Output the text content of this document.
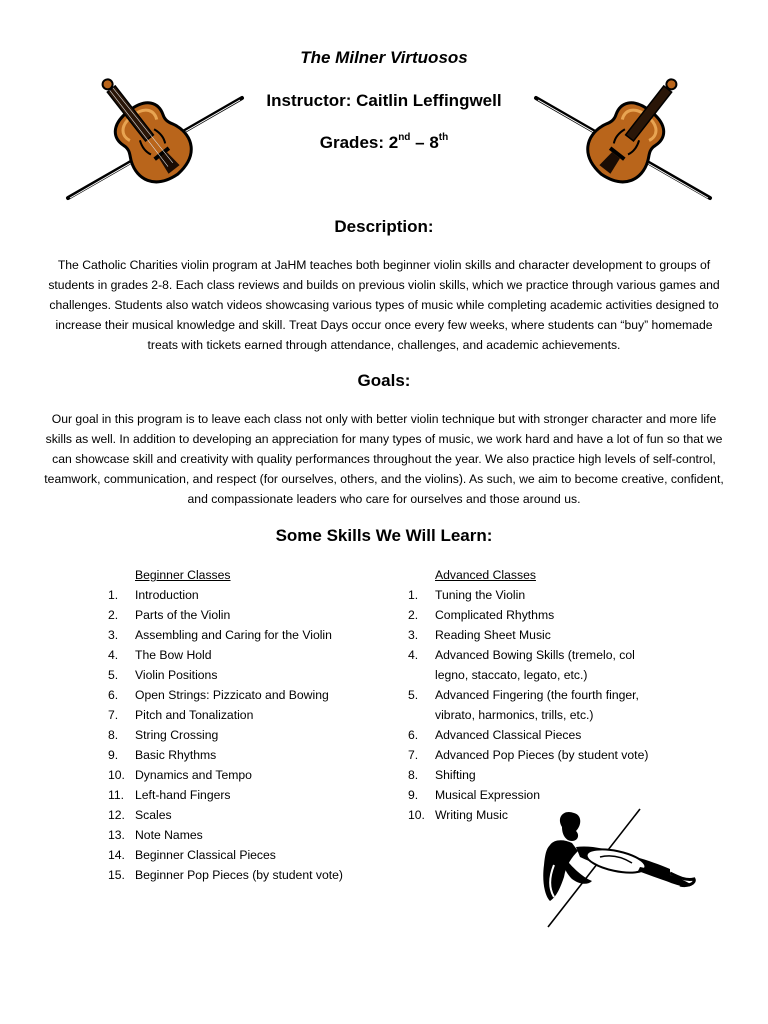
The Milner Virtuosos
Instructor: Caitlin Leffingwell
Grades: 2nd – 8th
Description:
The Catholic Charities violin program at JaHM teaches both beginner violin skills and character development to groups of students in grades 2-8. Each class reviews and builds on previous violin skills, which we practice through various games and challenges. Students also watch videos showcasing various types of music while completing academic activities designed to increase their musical knowledge and skill. Treat Days occur once every few weeks, where students can “buy” homemade treats with tickets earned through attendance, challenges, and academic achievements.
Goals:
Our goal in this program is to leave each class not only with better violin technique but with stronger character and more life skills as well. In addition to developing an appreciation for many types of music, we work hard and have a lot of fun so that we can showcase skill and creativity with quality performances throughout the year. We also practice high levels of self-control, teamwork, communication, and respect (for ourselves, others, and the violins). As such, we aim to become creative, confident, and compassionate leaders who care for ourselves and those around us.
Some Skills We Will Learn:
Beginner Classes
1.	Introduction
2.	Parts of the Violin
3.	Assembling and Caring for the Violin
4.	The Bow Hold
5.	Violin Positions
6.	Open Strings: Pizzicato and Bowing
7.	Pitch and Tonalization
8.	String Crossing
9.	Basic Rhythms
10. Dynamics and Tempo
11. Left-hand Fingers
12. Scales
13. Note Names
14. Beginner Classical Pieces
15. Beginner Pop Pieces (by student vote)
Advanced Classes
1.	Tuning the Violin
2.	Complicated Rhythms
3.	Reading Sheet Music
4.	Advanced Bowing Skills (tremelo, col legno, staccato, legato, etc.)
5.	Advanced Fingering (the fourth finger, vibrato, harmonics, trills, etc.)
6.	Advanced Classical Pieces
7.	Advanced Pop Pieces (by student vote)
8.	Shifting
9.	Musical Expression
10. Writing Music
